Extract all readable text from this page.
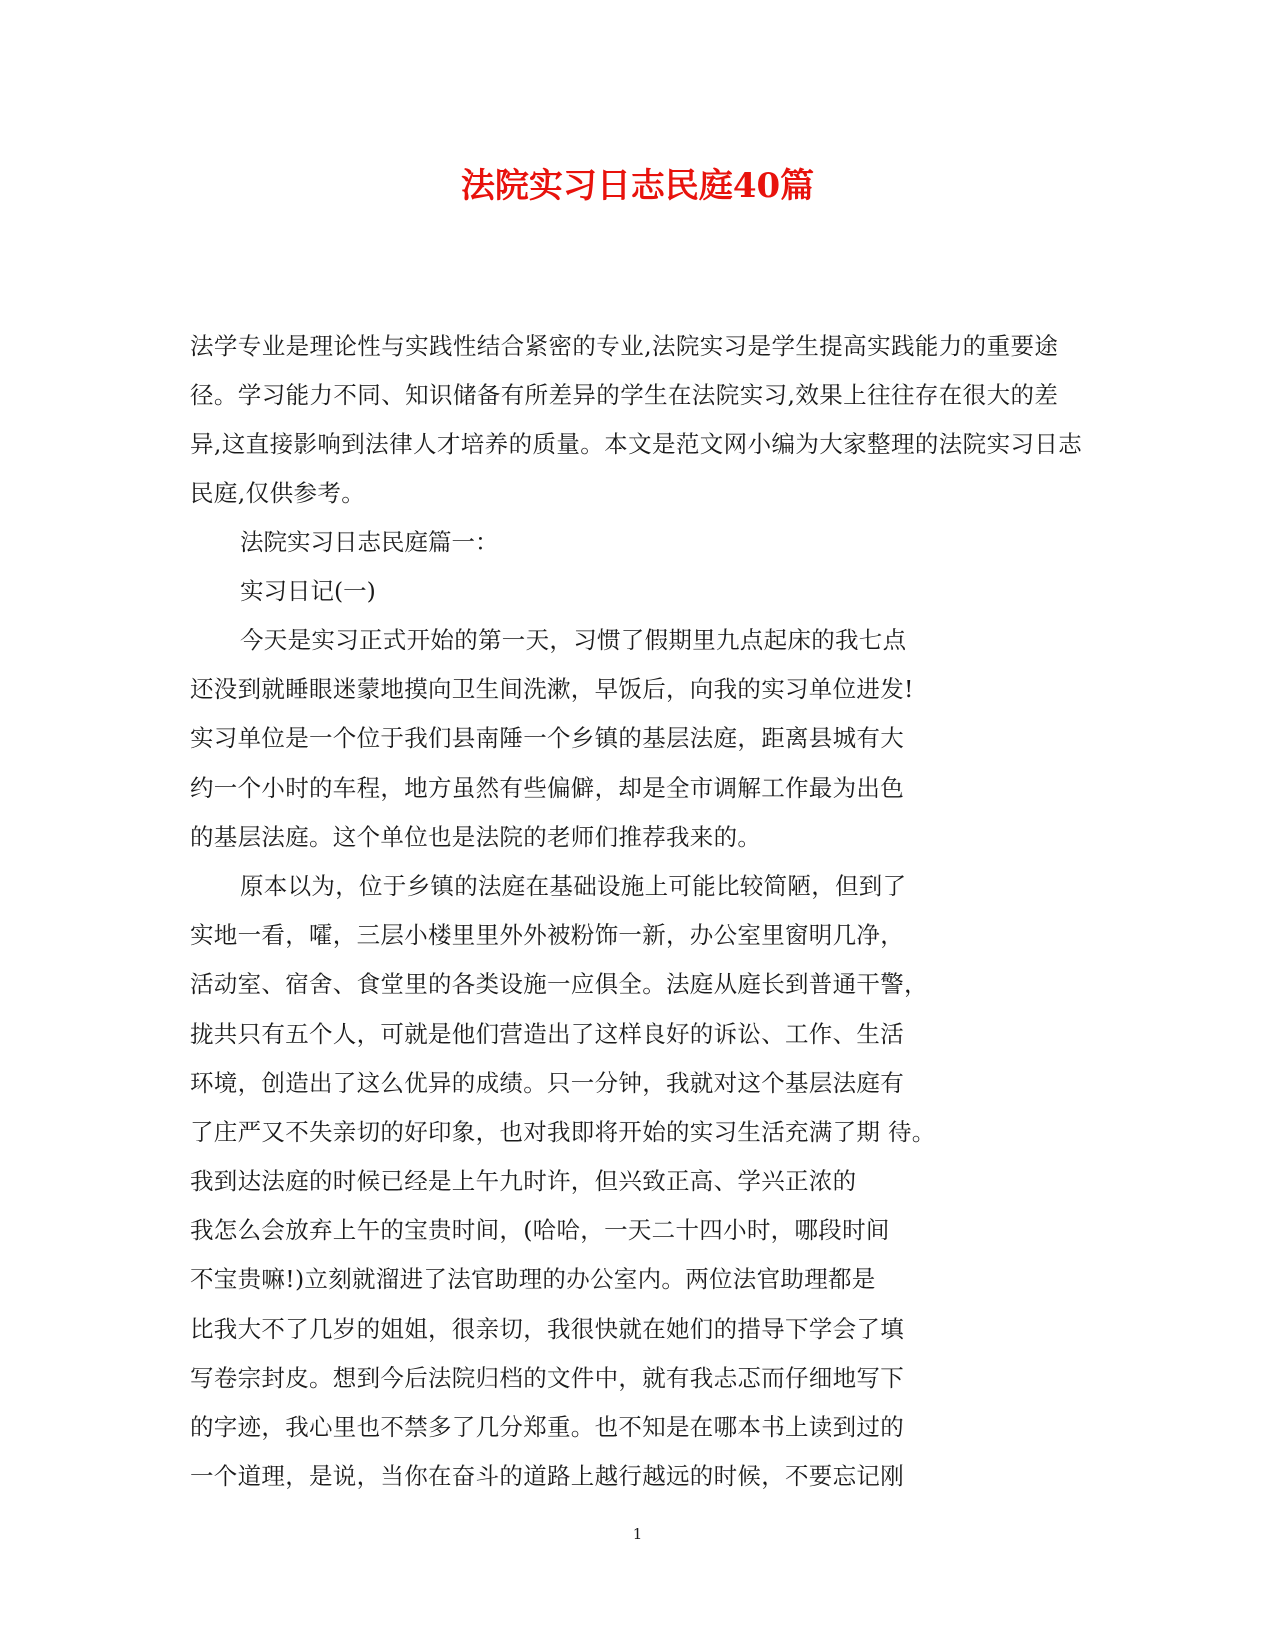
法院实习日志民庭40篇

法学专业是理论性与实践性结合紧密的专业,法院实习是学生提高实践能力的重要途径。学习能力不同、知识储备有所差异的学生在法院实习,效果上往往存在很大的差异,这直接影响到法律人才培养的质量。本文是范文网小编为大家整理的法院实习日志民庭,仅供参考。

法院实习日志民庭篇一：

实习日记(一)

今天是实习正式开始的第一天，习惯了假期里九点起床的我七点
还没到就睡眼迷蒙地摸向卫生间洗漱，早饭后，向我的实习单位进发!
实习单位是一个位于我们县南陲一个乡镇的基层法庭，距离县城有大
约一个小时的车程，地方虽然有些偏僻，却是全市调解工作最为出色
的基层法庭。这个单位也是法院的老师们推荐我来的。
原本以为，位于乡镇的法庭在基础设施上可能比较简陋，但到了
实地一看，嚯，三层小楼里里外外被粉饰一新，办公室里窗明几净，
活动室、宿舍、食堂里的各类设施一应俱全。法庭从庭长到普通干警，
拢共只有五个人，可就是他们营造出了这样良好的诉讼、工作、生活
环境，创造出了这么优异的成绩。只一分钟，我就对这个基层法庭有
了庄严又不失亲切的好印象，也对我即将开始的实习生活充满了期 待。
我到达法庭的时候已经是上午九时许，但兴致正高、学兴正浓的
我怎么会放弃上午的宝贵时间，(哈哈，一天二十四小时，哪段时间
不宝贵嘛!)立刻就溜进了法官助理的办公室内。两位法官助理都是
比我大不了几岁的姐姐，很亲切，我很快就在她们的措导下学会了填
写卷宗封皮。想到今后法院归档的文件中，就有我忐忑而仔细地写下
的字迹，我心里也不禁多了几分郑重。也不知是在哪本书上读到过的
一个道理，是说，当你在奋斗的道路上越行越远的时候，不要忘记刚

1
